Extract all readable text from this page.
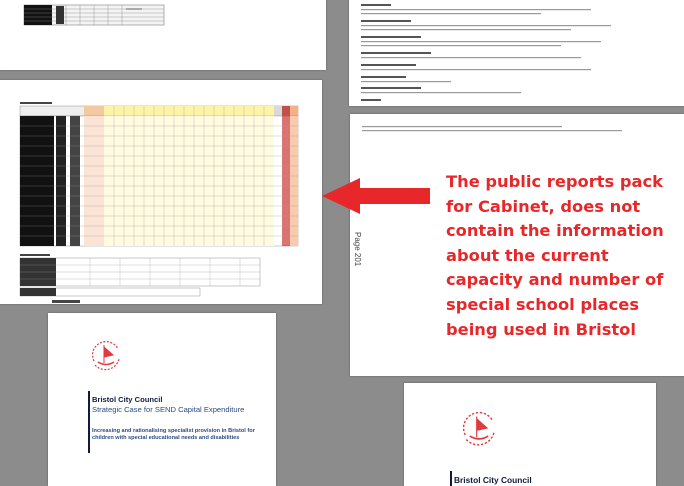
Page 201
Bristol City Council
Strategic Case for SEND Capital Expenditure
Increasing and rationalising specialist provision in Bristol for children with special educational needs and disabilities
Bristol City Council
The public reports pack for Cabinet, does not contain the information about the current capacity and number of special school places being used in Bristol
